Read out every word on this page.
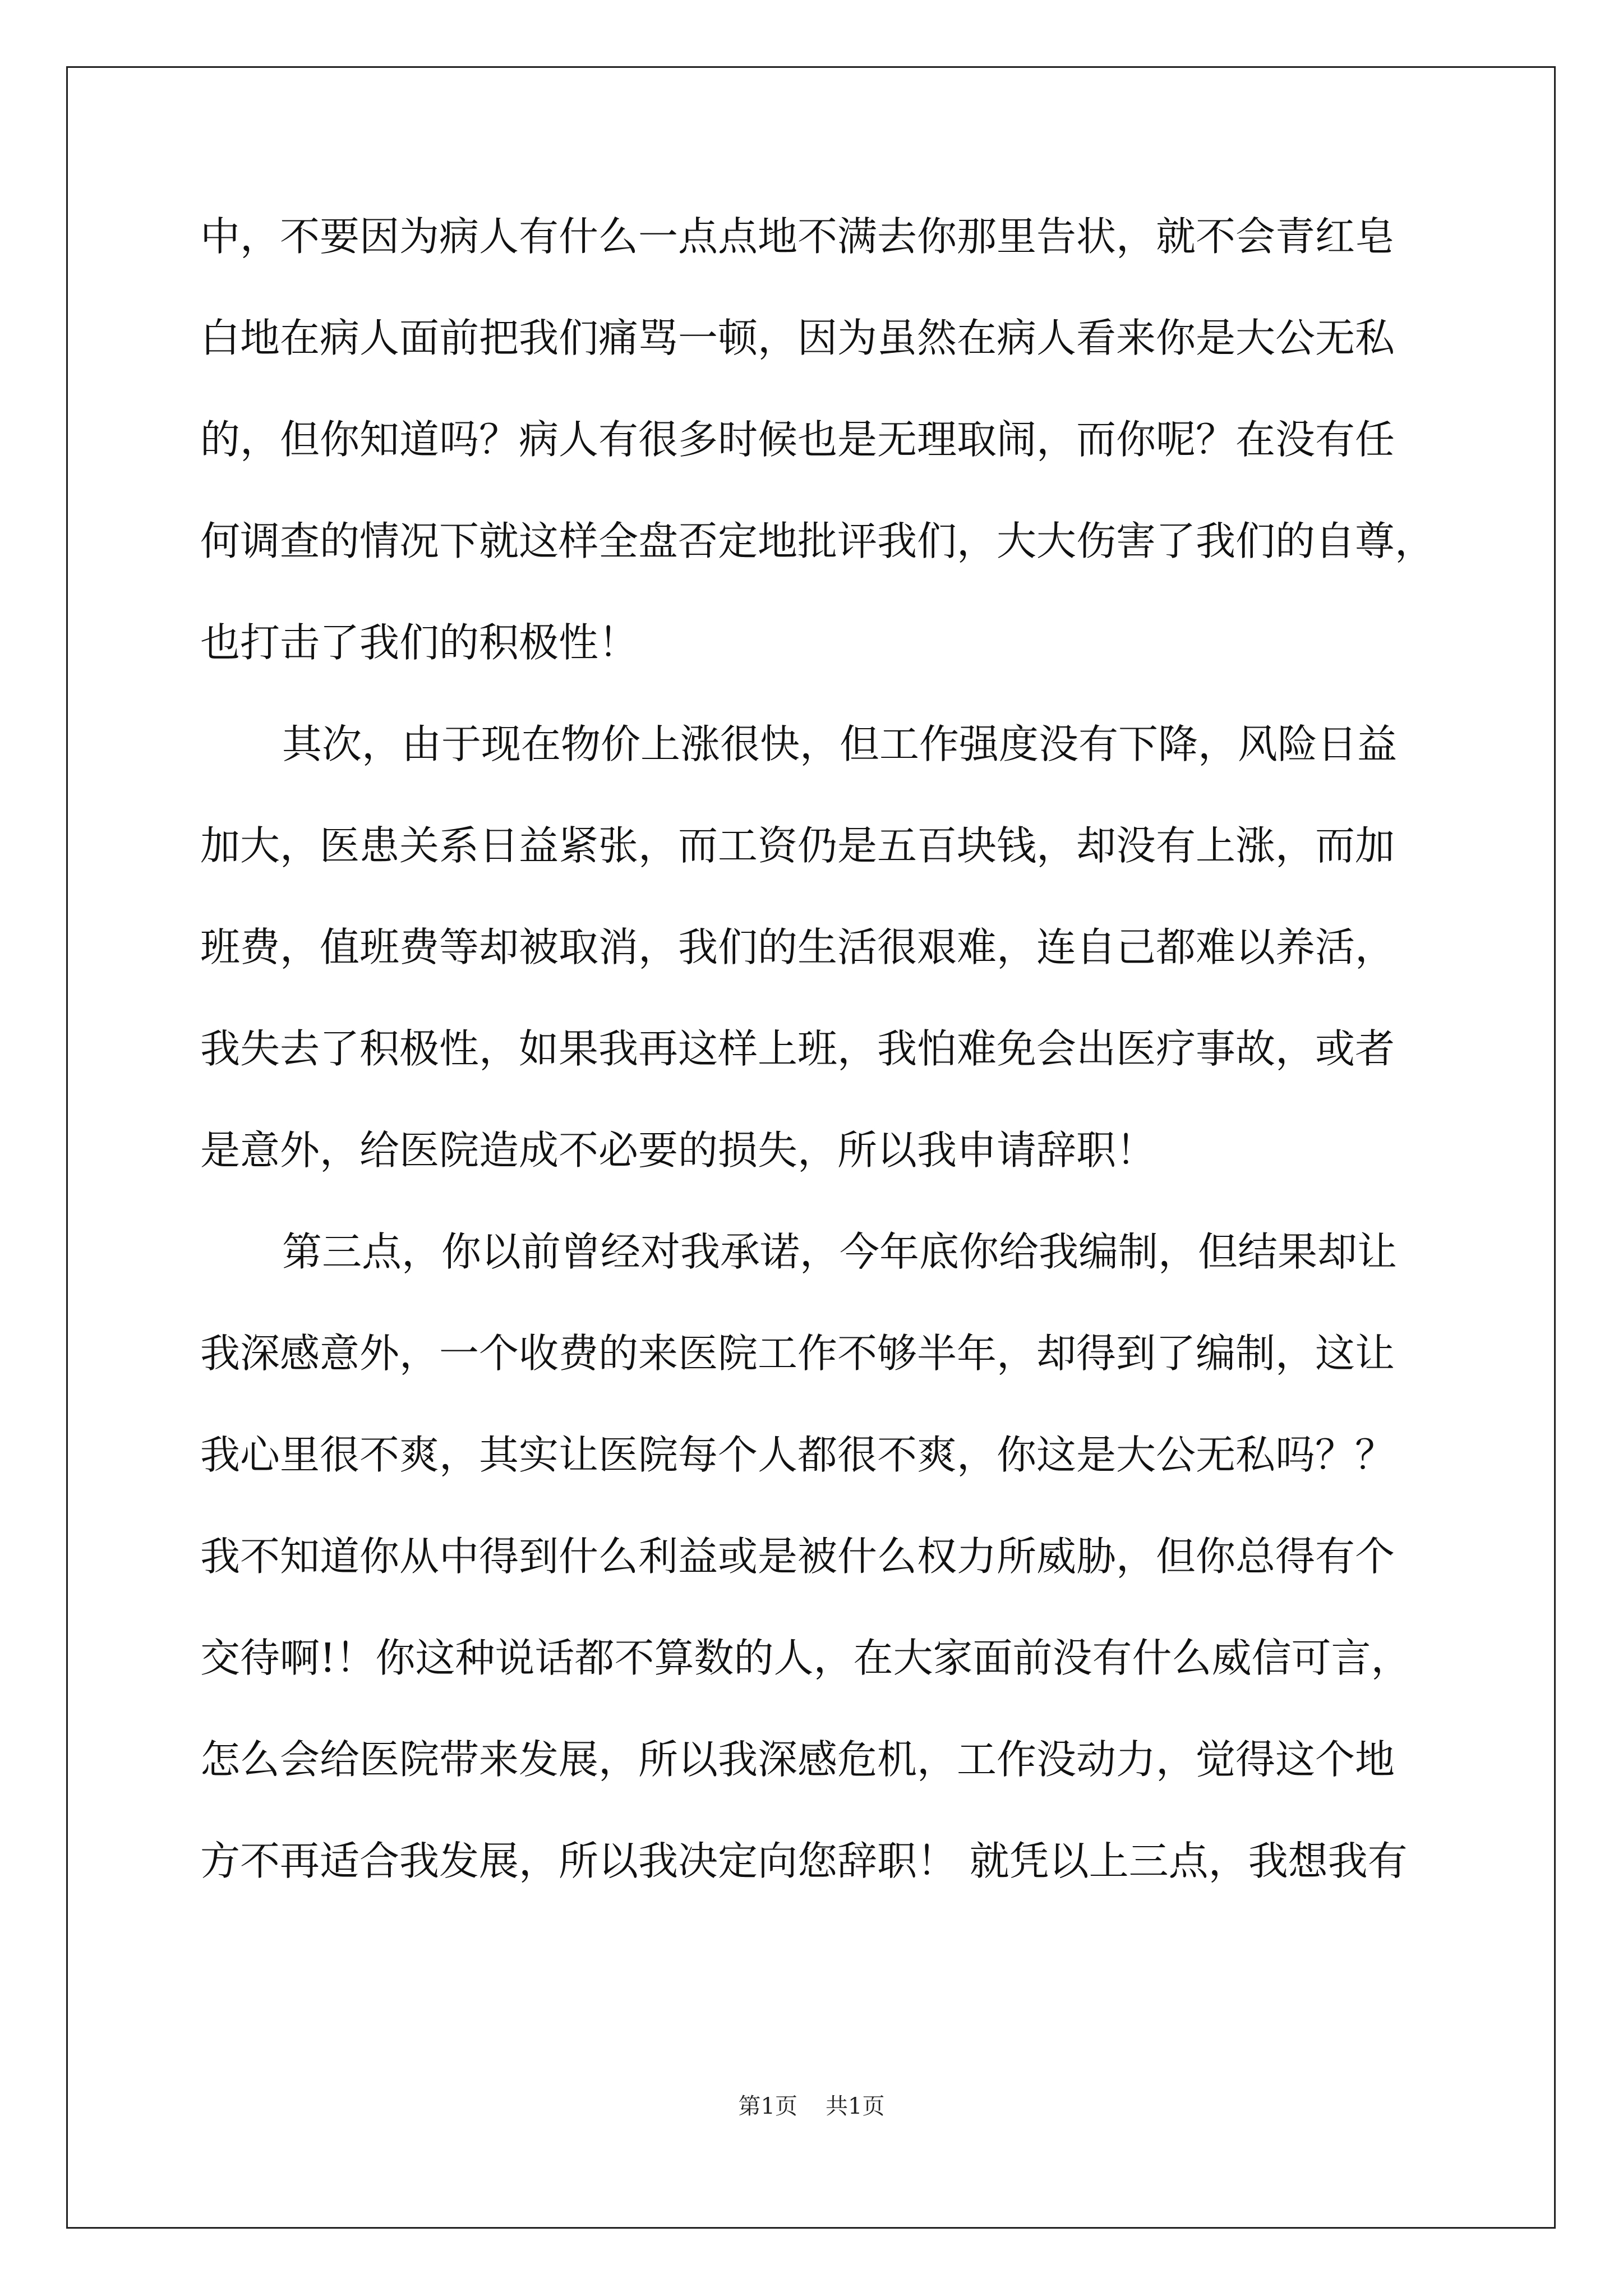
中，不要因为病人有什么一点点地不满去你那里告状，就不会青红皂
白地在病人面前把我们痛骂一顿，因为虽然在病人看来你是大公无私
的，但你知道吗？病人有很多时候也是无理取闹，而你呢？在没有任
何调查的情况下就这样全盘否定地批评我们，大大伤害了我们的自尊，
也打击了我们的积极性！
其次，由于现在物价上涨很快，但工作强度没有下降，风险日益
加大，医患关系日益紧张，而工资仍是五百块钱，却没有上涨，而加
班费，值班费等却被取消，我们的生活很艰难，连自己都难以养活，
我失去了积极性，如果我再这样上班，我怕难免会出医疗事故，或者
是意外，给医院造成不必要的损失，所以我申请辞职！
第三点，你以前曾经对我承诺，今年底你给我编制，但结果却让
我深感意外，一个收费的来医院工作不够半年，却得到了编制，这让
我心里很不爽，其实让医院每个人都很不爽，你这是大公无私吗？？
我不知道你从中得到什么利益或是被什么权力所威胁，但你总得有个
交待啊!！你这种说话都不算数的人，在大家面前没有什么威信可言，
怎么会给医院带来发展，所以我深感危机，工作没动力，觉得这个地
方不再适合我发展，所以我决定向您辞职！ 就凭以上三点，我想我有
第1页 共1页
